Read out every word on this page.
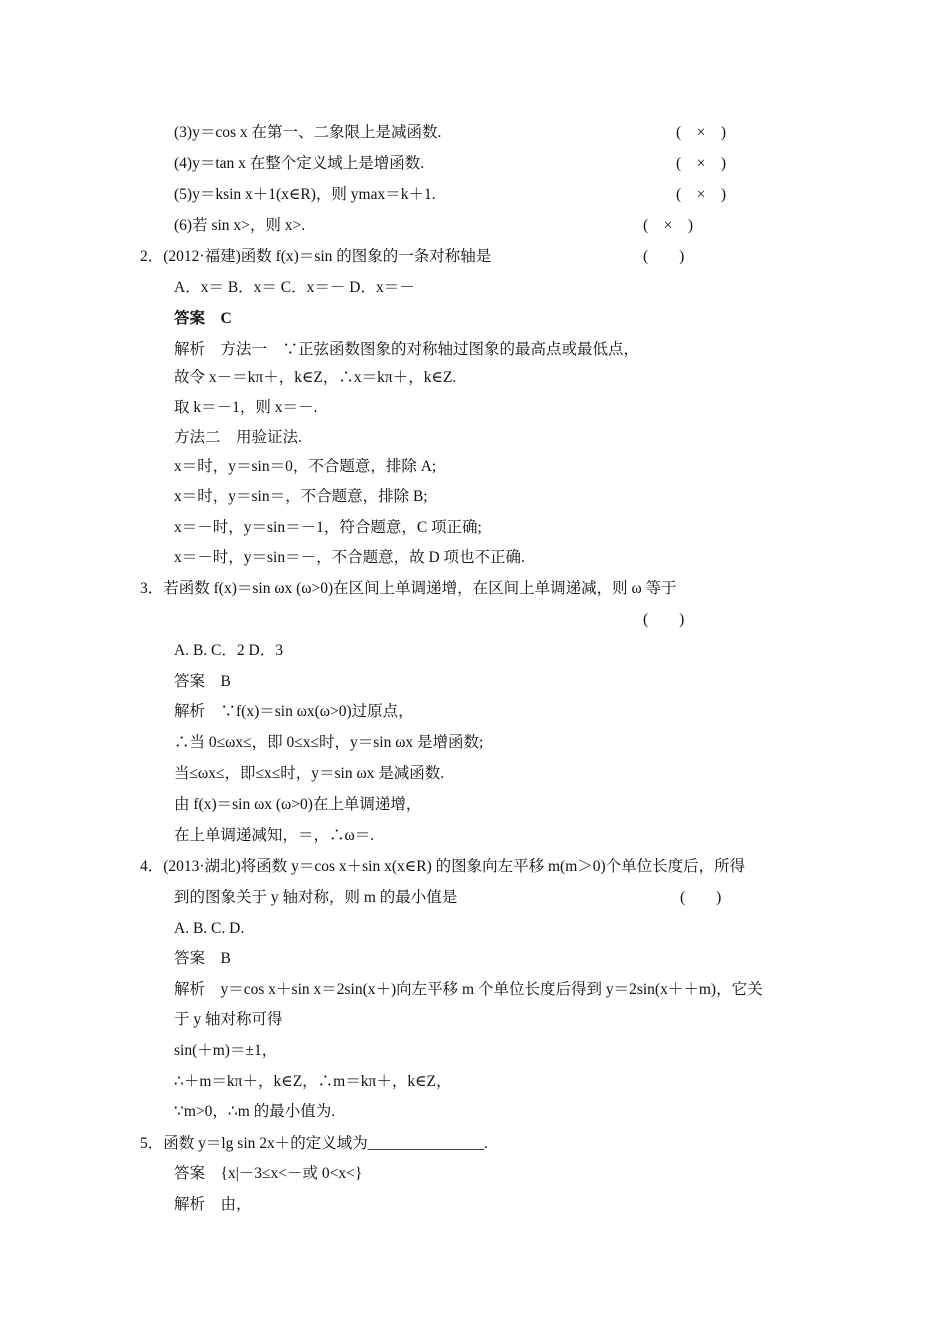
(3)y＝cos x 在第一、二象限上是减函数.	(　×　)
(4)y＝tan x 在整个定义域上是增函数.	(　×　)
(5)y＝ksin x＋1(x∈R)，则 ymax＝k＋1.	(　×　)
(6)若 sin x>，则 x>.	(　×　)
2．(2012·福建)函数 f(x)＝sin 的图象的一条对称轴是	(　　)
A．x＝ B．x＝ C．x＝－ D．x＝－
答案　C
解析　方法一　∵正弦函数图象的对称轴过图象的最高点或最低点，
故令 x－＝kπ＋，k∈Z，∴x＝kπ＋，k∈Z.
取 k＝－1，则 x＝－.
方法二　用验证法.
x＝时，y＝sin＝0，不合题意，排除 A;
x＝时，y＝sin＝，不合题意，排除 B;
x＝－时，y＝sin＝－1，符合题意，C 项正确;
x＝－时，y＝sin＝－，不合题意，故 D 项也不正确.
3．若函数 f(x)＝sin ωx (ω>0)在区间上单调递增，在区间上单调递减，则 ω 等于
(　　)
A. B. C．2 D．3
答案　B
解析　∵f(x)＝sin ωx(ω>0)过原点，
∴当 0≤ωx≤，即 0≤x≤时，y＝sin ωx 是增函数;
当≤ωx≤，即≤x≤时，y＝sin ωx 是减函数.
由 f(x)＝sin ωx (ω>0)在上单调递增，
在上单调递减知，＝，∴ω＝.
4．(2013·湖北)将函数 y＝cos x＋sin x(x∈R) 的图象向左平移 m(m＞0)个单位长度后，所得
到的图象关于 y 轴对称，则 m 的最小值是	(　　)
A. B. C. D.
答案　B
解析　y＝cos x＋sin x＝2sin(x＋)向左平移 m 个单位长度后得到 y＝2sin(x＋＋m)，它关
于 y 轴对称可得
sin(＋m)＝±1，
∴＋m＝kπ＋，k∈Z，∴m＝kπ＋，k∈Z，
∵m>0，∴m 的最小值为.
5．函数 y＝lg sin 2x＋的定义域为_______________.
答案　{x|－3≤x<－或 0<x<}
解析　由，
